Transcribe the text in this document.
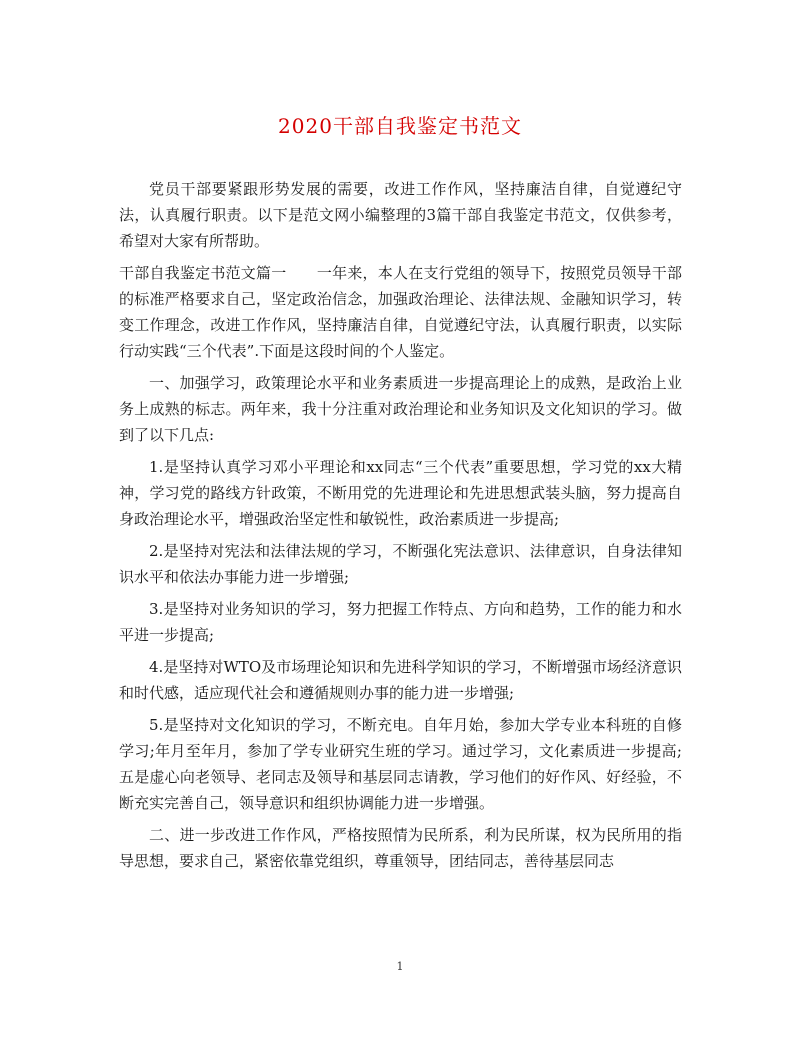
2020干部自我鉴定书范文

党员干部要紧跟形势发展的需要，改进工作作风，坚持廉洁自律，自觉遵纪守法，认真履行职责。以下是范文网小编整理的3篇干部自我鉴定书范文，仅供参考，希望对大家有所帮助。

干部自我鉴定书范文篇一　　一年来，本人在支行党组的领导下，按照党员领导干部的标准严格要求自己，坚定政治信念，加强政治理论、法律法规、金融知识学习，转变工作理念，改进工作作风，坚持廉洁自律，自觉遵纪守法，认真履行职责，以实际行动实践“三个代表”.下面是这段时间的个人鉴定。

一、加强学习，政策理论水平和业务素质进一步提高理论上的成熟，是政治上业务上成熟的标志。两年来，我十分注重对政治理论和业务知识及文化知识的学习。做到了以下几点:

1.是坚持认真学习邓小平理论和xx同志“三个代表”重要思想，学习党的xx大精神，学习党的路线方针政策，不断用党的先进理论和先进思想武装头脑，努力提高自身政治理论水平，增强政治坚定性和敏锐性，政治素质进一步提高;

2.是坚持对宪法和法律法规的学习，不断强化宪法意识、法律意识，自身法律知识水平和依法办事能力进一步增强;

3.是坚持对业务知识的学习，努力把握工作特点、方向和趋势，工作的能力和水平进一步提高;

4.是坚持对WTO及市场理论知识和先进科学知识的学习，不断增强市场经济意识和时代感，适应现代社会和遵循规则办事的能力进一步增强;

5.是坚持对文化知识的学习，不断充电。自年月始，参加大学专业本科班的自修学习;年月至年月，参加了学专业研究生班的学习。通过学习，文化素质进一步提高;五是虚心向老领导、老同志及领导和基层同志请教，学习他们的好作风、好经验，不断充实完善自己，领导意识和组织协调能力进一步增强。

二、进一步改进工作作风，严格按照情为民所系，利为民所谋，权为民所用的指导思想，要求自己，紧密依靠党组织，尊重领导，团结同志，善待基层同志

1
